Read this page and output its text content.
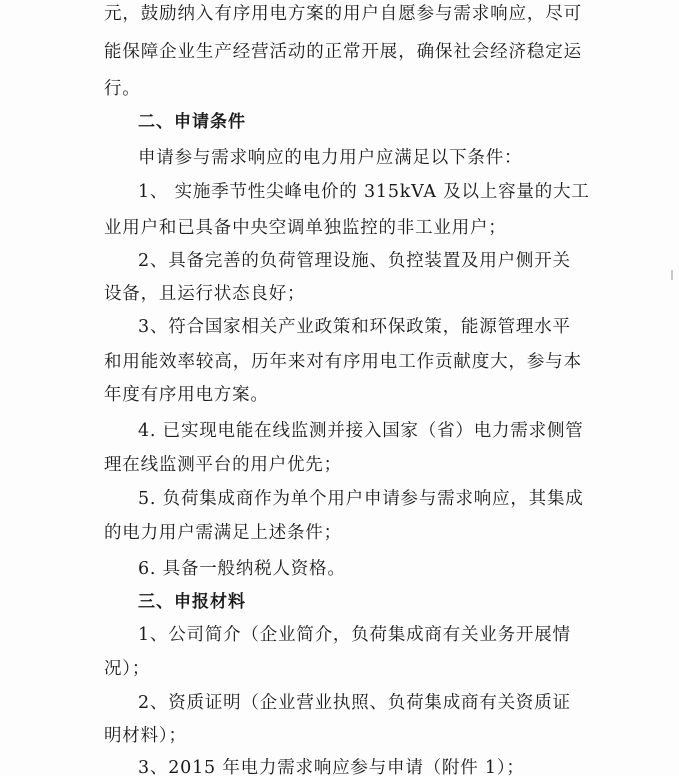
元，鼓励纳入有序用电方案的用户自愿参与需求响应，尽可
能保障企业生产经营活动的正常开展，确保社会经济稳定运
行。
二、申请条件
申请参与需求响应的电力用户应满足以下条件：
1、 实施季节性尖峰电价的 315kVA 及以上容量的大工
业用户和已具备中央空调单独监控的非工业用户；
2、具备完善的负荷管理设施、负控装置及用户侧开关
设备，且运行状态良好；
3、符合国家相关产业政策和环保政策，能源管理水平
和用能效率较高，历年来对有序用电工作贡献度大，参与本
年度有序用电方案。
4. 已实现电能在线监测并接入国家（省）电力需求侧管
理在线监测平台的用户优先；
5. 负荷集成商作为单个用户申请参与需求响应，其集成
的电力用户需满足上述条件；
6. 具备一般纳税人资格。
三、申报材料
1、公司简介（企业简介，负荷集成商有关业务开展情
况）；
2、资质证明（企业营业执照、负荷集成商有关资质证
明材料）；
3、2015 年电力需求响应参与申请（附件 1）；
